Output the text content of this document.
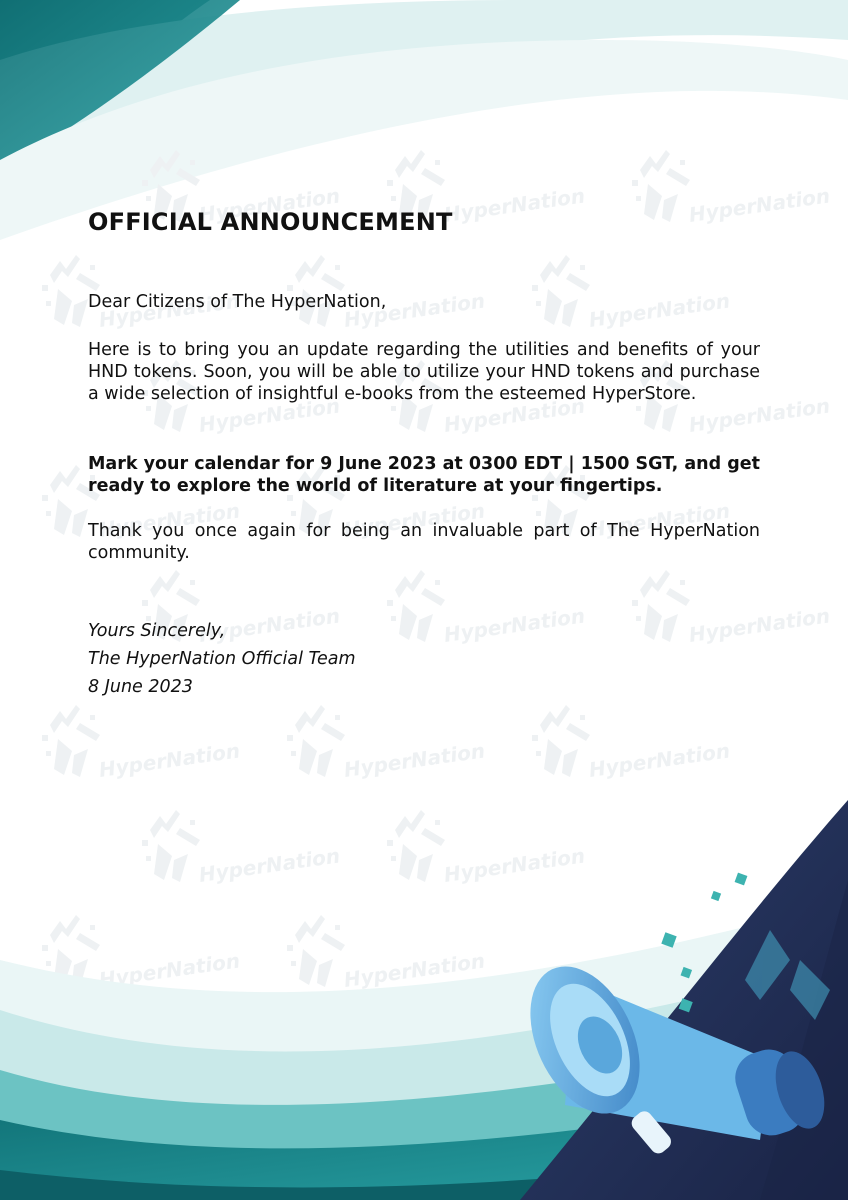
OFFICIAL ANNOUNCEMENT
Dear Citizens of The HyperNation,
Here is to bring you an update regarding the utilities and benefits of your HND tokens. Soon, you will be able to utilize your HND tokens and purchase a wide selection of insightful e-books from the esteemed HyperStore.
Mark your calendar for 9 June 2023 at 0300 EDT | 1500 SGT, and get ready to explore the world of literature at your fingertips.
Thank you once again for being an invaluable part of The HyperNation community.
Yours Sincerely,
The HyperNation Official Team
8 June 2023
